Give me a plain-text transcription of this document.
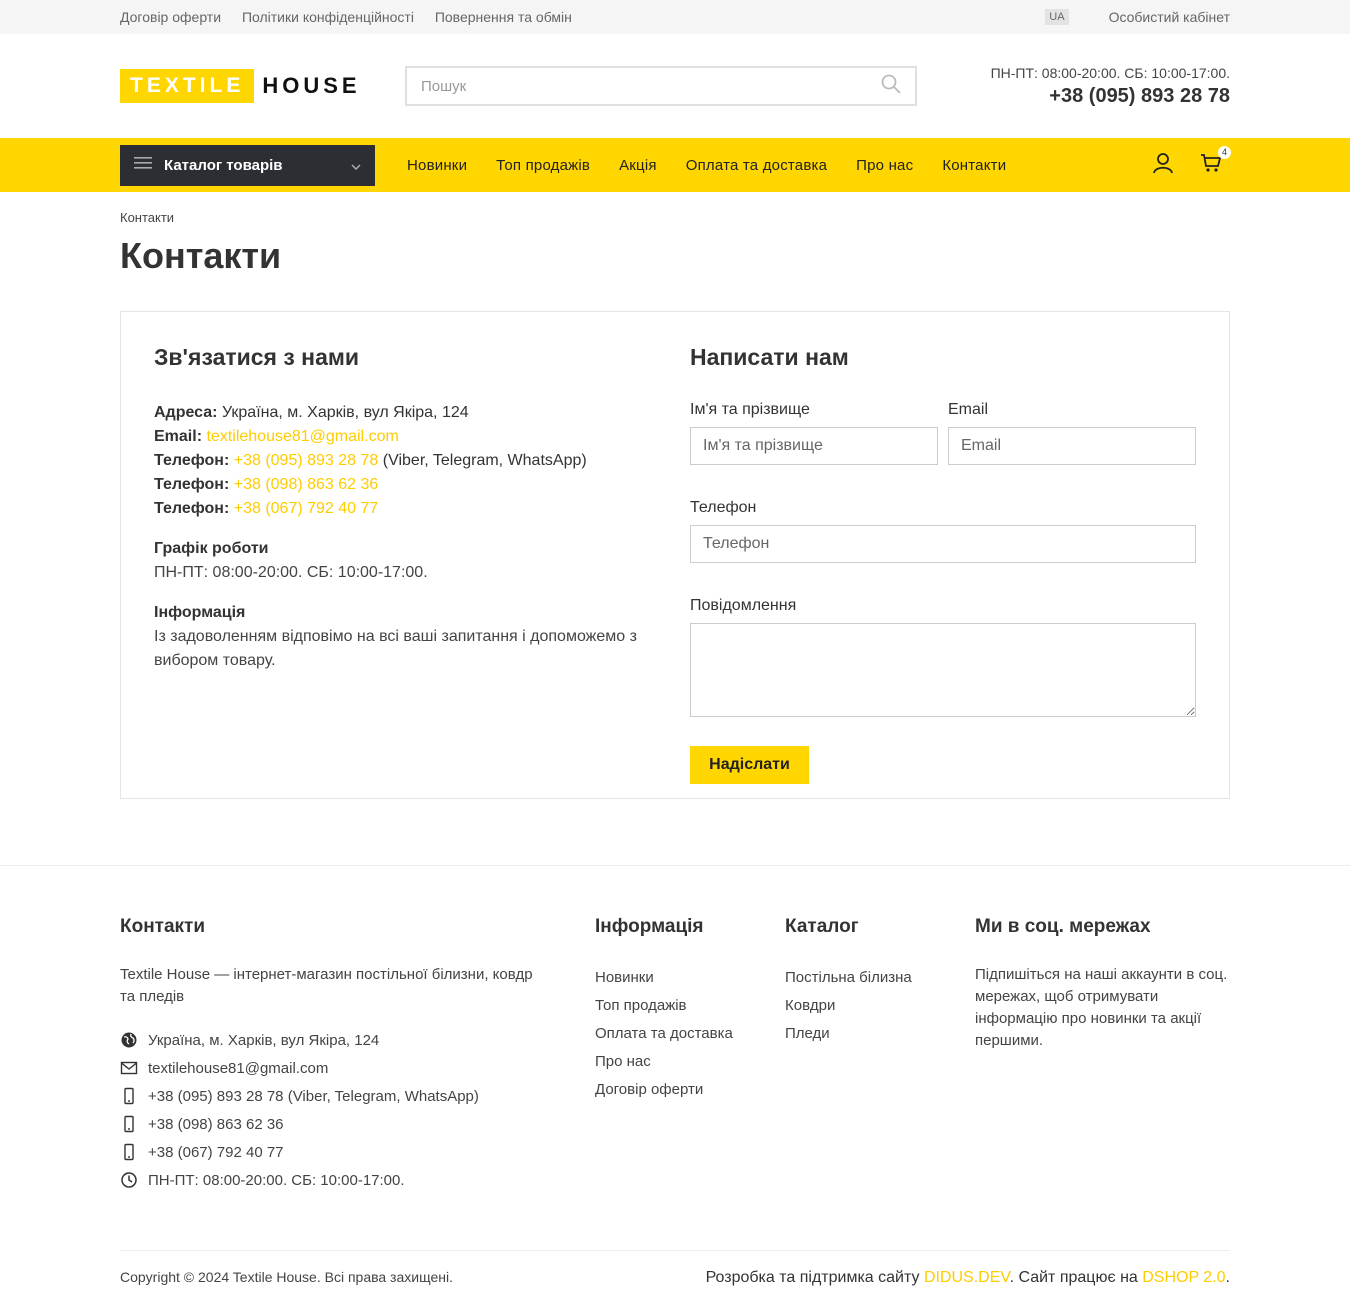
Договір оферти Політики конфіденційності Повернення та обмін	UA	Особистий кабінет
TEXTILE HOUSE
Пошук
ПН-ПТ: 08:00-20:00. СБ: 10:00-17:00.
+38 (095) 893 28 78
Каталог товарів	Новинки Топ продажів Акція Оплата та доставка Про нас Контакти
4
Контакти
Контакти
Зв'язатися з нами
Адреса: Україна, м. Харків, вул Якіра, 124
Email: textilehouse81@gmail.com
Телефон: +38 (095) 893 28 78 (Viber, Telegram, WhatsApp)
Телефон: +38 (098) 863 62 36
Телефон: +38 (067) 792 40 77
Графік роботи
ПН-ПТ: 08:00-20:00. СБ: 10:00-17:00.
Інформація
Із задоволенням відповімо на всі ваші запитання і допоможемо з вибором товару.
Написати нам
Ім'я та прізвище
Ім'я та прізвище	Email
Email
Телефон
Телефон
Повідомлення
Надіслати
Контакти
Textile House — інтернет-магазин постільної білизни, ковдр та пледів
Україна, м. Харків, вул Якіра, 124
textilehouse81@gmail.com
+38 (095) 893 28 78 (Viber, Telegram, WhatsApp)
+38 (098) 863 62 36
+38 (067) 792 40 77
ПН-ПТ: 08:00-20:00. СБ: 10:00-17:00.
Інформація
Новинки
Топ продажів
Оплата та доставка
Про нас
Договір оферти
Каталог
Постільна білизна
Ковдри
Пледи
Ми в соц. мережах
Підпишіться на наші аккаунти в соц. мережах, щоб отримувати інформацію про новинки та акції першими.
Copyright © 2024 Textile House. Всі права захищені.	Розробка та підтримка сайту DIDUS.DEV. Сайт працює на DSHOP 2.0.
